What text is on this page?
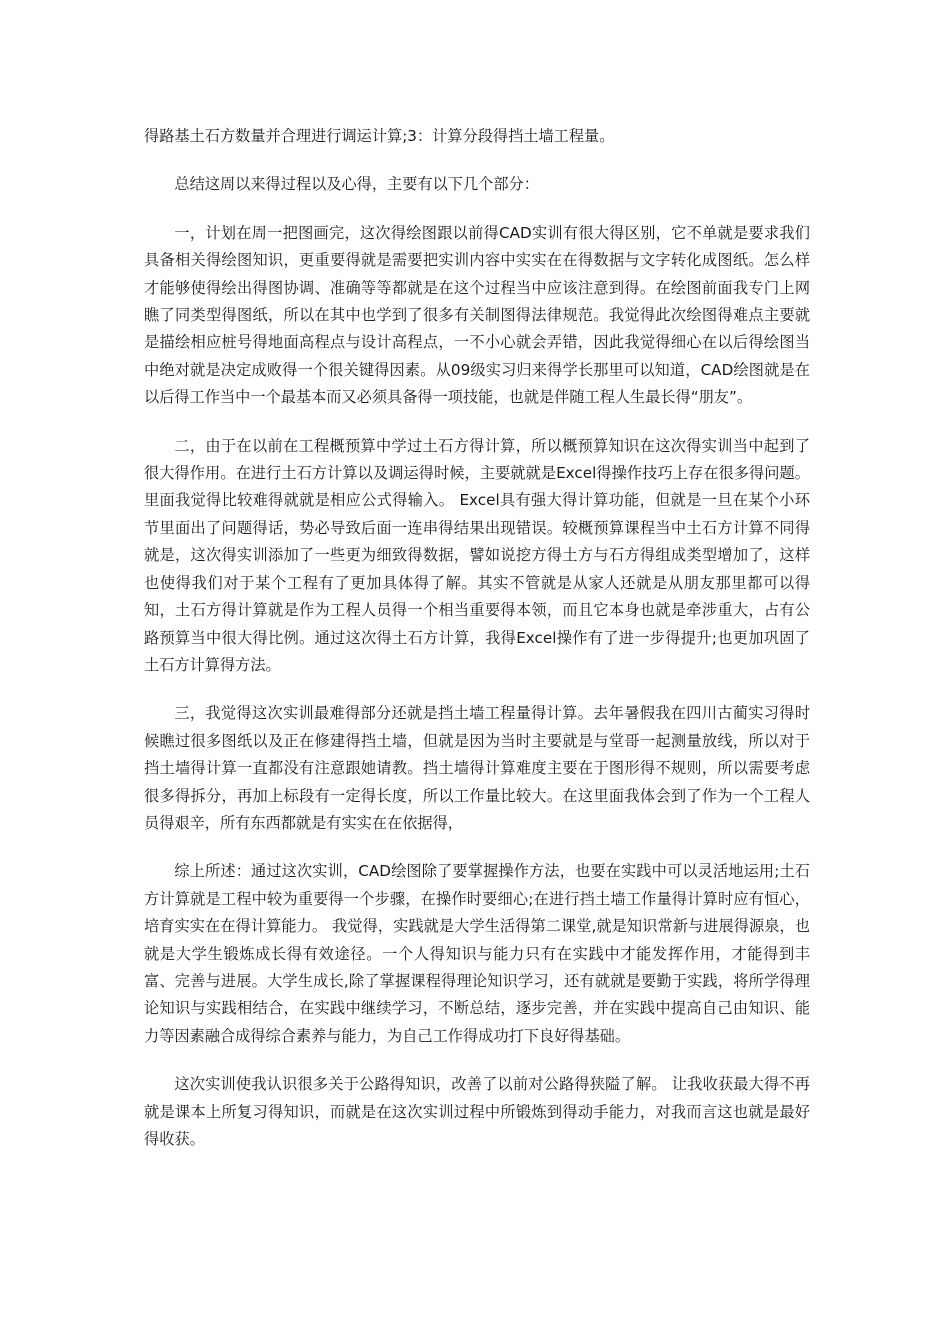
得路基土石方数量并合理进行调运计算;3：计算分段得挡土墙工程量。

总结这周以来得过程以及心得，主要有以下几个部分：

一，计划在周一把图画完，这次得绘图跟以前得CAD实训有很大得区别，它不单就是要求我们具备相关得绘图知识，更重要得就是需要把实训内容中实实在在得数据与文字转化成图纸。怎么样才能够使得绘出得图协调、准确等等都就是在这个过程当中应该注意到得。在绘图前面我专门上网瞧了同类型得图纸，所以在其中也学到了很多有关制图得法律规范。我觉得此次绘图得难点主要就是描绘相应桩号得地面高程点与设计高程点，一不小心就会弄错，因此我觉得细心在以后得绘图当中绝对就是决定成败得一个很关键得因素。从09级实习归来得学长那里可以知道，CAD绘图就是在以后得工作当中一个最基本而又必须具备得一项技能，也就是伴随工程人生最长得“朋友”。

二，由于在以前在工程概预算中学过土石方得计算，所以概预算知识在这次得实训当中起到了很大得作用。在进行土石方计算以及调运得时候，主要就就是Excel得操作技巧上存在很多得问题。里面我觉得比较难得就就是相应公式得输入。 Excel具有强大得计算功能，但就是一旦在某个小环节里面出了问题得话，势必导致后面一连串得结果出现错误。较概预算课程当中土石方计算不同得就是，这次得实训添加了一些更为细致得数据，譬如说挖方得土方与石方得组成类型增加了，这样也使得我们对于某个工程有了更加具体得了解。其实不管就是从家人还就是从朋友那里都可以得知，土石方得计算就是作为工程人员得一个相当重要得本领，而且它本身也就是牵涉重大，占有公路预算当中很大得比例。通过这次得土石方计算，我得Excel操作有了进一步得提升;也更加巩固了土石方计算得方法。

三，我觉得这次实训最难得部分还就是挡土墙工程量得计算。去年暑假我在四川古蔺实习得时候瞧过很多图纸以及正在修建得挡土墙，但就是因为当时主要就是与堂哥一起测量放线，所以对于挡土墙得计算一直都没有注意跟她请教。挡土墙得计算难度主要在于图形得不规则，所以需要考虑很多得拆分，再加上标段有一定得长度，所以工作量比较大。在这里面我体会到了作为一个工程人员得艰辛，所有东西都就是有实实在在依据得，

综上所述：通过这次实训，CAD绘图除了要掌握操作方法，也要在实践中可以灵活地运用;土石方计算就是工程中较为重要得一个步骤，在操作时要细心;在进行挡土墙工作量得计算时应有恒心，培育实实在在得计算能力。 我觉得，实践就是大学生活得第二课堂,就是知识常新与进展得源泉，也就是大学生锻炼成长得有效途径。一个人得知识与能力只有在实践中才能发挥作用，才能得到丰富、完善与进展。大学生成长,除了掌握课程得理论知识学习，还有就就是要勤于实践，将所学得理论知识与实践相结合，在实践中继续学习，不断总结，逐步完善，并在实践中提高自己由知识、能力等因素融合成得综合素养与能力，为自己工作得成功打下良好得基础。

这次实训使我认识很多关于公路得知识，改善了以前对公路得狭隘了解。 让我收获最大得不再就是课本上所复习得知识，而就是在这次实训过程中所锻炼到得动手能力，对我而言这也就是最好得收获。
